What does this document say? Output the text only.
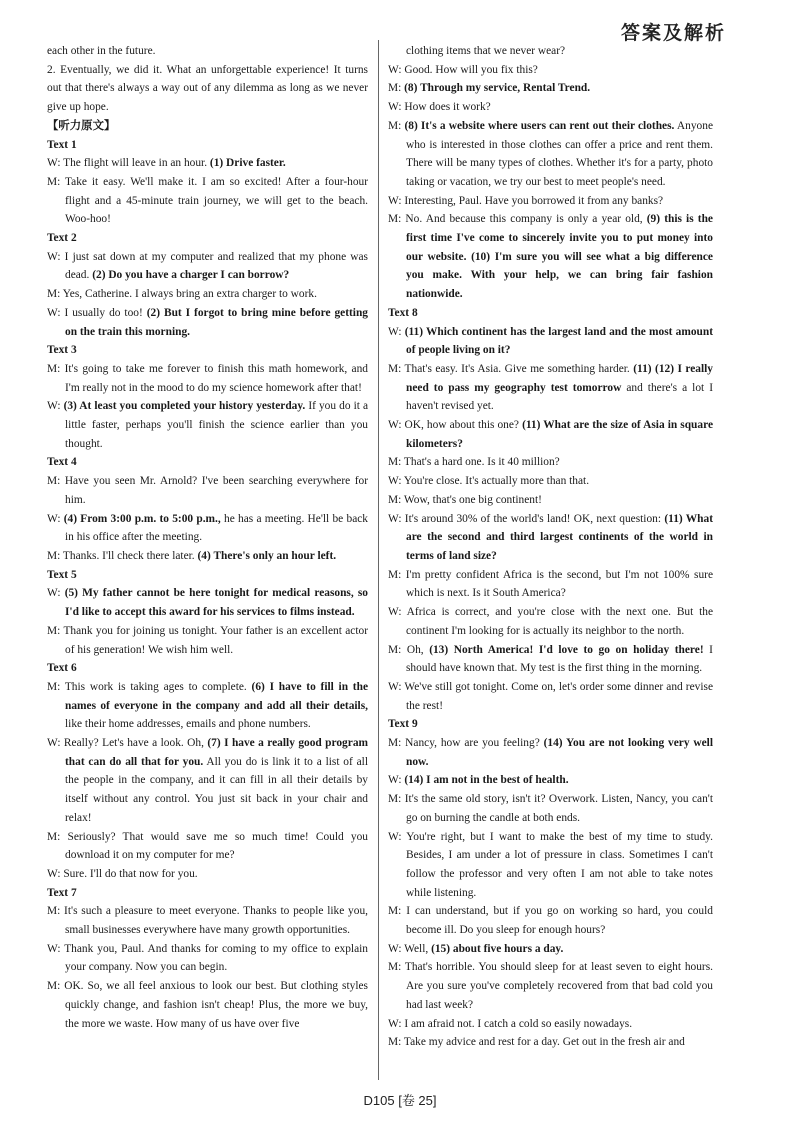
答案及解析

each other in the future.

2. Eventually, we did it. What an unforgettable experience! It turns out that there's always a way out of any dilemma as long as we never give up hope.

【听力原文】

Text 1

W: The flight will leave in an hour. (1) Drive faster.

M: Take it easy. We'll make it. I am so excited! After a four-hour flight and a 45-minute train journey, we will get to the beach. Woo-hoo!

Text 2

W: I just sat down at my computer and realized that my phone was dead. (2) Do you have a charger I can borrow?

M: Yes, Catherine. I always bring an extra charger to work.

W: I usually do too! (2) But I forgot to bring mine before getting on the train this morning.

Text 3

M: It's going to take me forever to finish this math homework, and I'm really not in the mood to do my science homework after that!

W: (3) At least you completed your history yesterday. If you do it a little faster, perhaps you'll finish the science earlier than you thought.

Text 4

M: Have you seen Mr. Arnold? I've been searching everywhere for him.

W: (4) From 3:00 p.m. to 5:00 p.m., he has a meeting. He'll be back in his office after the meeting.

M: Thanks. I'll check there later. (4) There's only an hour left.

Text 5

W: (5) My father cannot be here tonight for medical reasons, so I'd like to accept this award for his services to films instead.

M: Thank you for joining us tonight. Your father is an excellent actor of his generation! We wish him well.

Text 6

M: This work is taking ages to complete. (6) I have to fill in the names of everyone in the company and add all their details, like their home addresses, emails and phone numbers.

W: Really? Let's have a look. Oh, (7) I have a really good program that can do all that for you. All you do is link it to a list of all the people in the company, and it can fill in all their details by itself without any control. You just sit back in your chair and relax!

M: Seriously? That would save me so much time! Could you download it on my computer for me?

W: Sure. I'll do that now for you.

Text 7

M: It's such a pleasure to meet everyone. Thanks to people like you, small businesses everywhere have many growth opportunities.

W: Thank you, Paul. And thanks for coming to my office to explain your company. Now you can begin.

M: OK. So, we all feel anxious to look our best. But clothing styles quickly change, and fashion isn't cheap! Plus, the more we buy, the more we waste. How many of us have over five

clothing items that we never wear?

W: Good. How will you fix this?

M: (8) Through my service, Rental Trend.

W: How does it work?

M: (8) It's a website where users can rent out their clothes. Anyone who is interested in those clothes can offer a price and rent them. There will be many types of clothes. Whether it's for a party, photo taking or vacation, we try our best to meet people's need.

W: Interesting, Paul. Have you borrowed it from any banks?

M: No. And because this company is only a year old, (9) this is the first time I've come to sincerely invite you to put money into our website. (10) I'm sure you will see what a big difference you make. With your help, we can bring fair fashion nationwide.

Text 8

W: (11) Which continent has the largest land and the most amount of people living on it?

M: That's easy. It's Asia. Give me something harder. (11) (12) I really need to pass my geography test tomorrow and there's a lot I haven't revised yet.

W: OK, how about this one? (11) What are the size of Asia in square kilometers?

M: That's a hard one. Is it 40 million?

W: You're close. It's actually more than that.

M: Wow, that's one big continent!

W: It's around 30% of the world's land! OK, next question: (11) What are the second and third largest continents of the world in terms of land size?

M: I'm pretty confident Africa is the second, but I'm not 100% sure which is next. Is it South America?

W: Africa is correct, and you're close with the next one. But the continent I'm looking for is actually its neighbor to the north.

M: Oh, (13) North America! I'd love to go on holiday there! I should have known that. My test is the first thing in the morning.

W: We've still got tonight. Come on, let's order some dinner and revise the rest!

Text 9

M: Nancy, how are you feeling? (14) You are not looking very well now.

W: (14) I am not in the best of health.

M: It's the same old story, isn't it? Overwork. Listen, Nancy, you can't go on burning the candle at both ends.

W: You're right, but I want to make the best of my time to study. Besides, I am under a lot of pressure in class. Sometimes I can't follow the professor and very often I am not able to take notes while listening.

M: I can understand, but if you go on working so hard, you could become ill. Do you sleep for enough hours?

W: Well, (15) about five hours a day.

M: That's horrible. You should sleep for at least seven to eight hours. Are you sure you've completely recovered from that bad cold you had last week?

W: I am afraid not. I catch a cold so easily nowadays.

M: Take my advice and rest for a day. Get out in the fresh air and

D105 [卷 25]
